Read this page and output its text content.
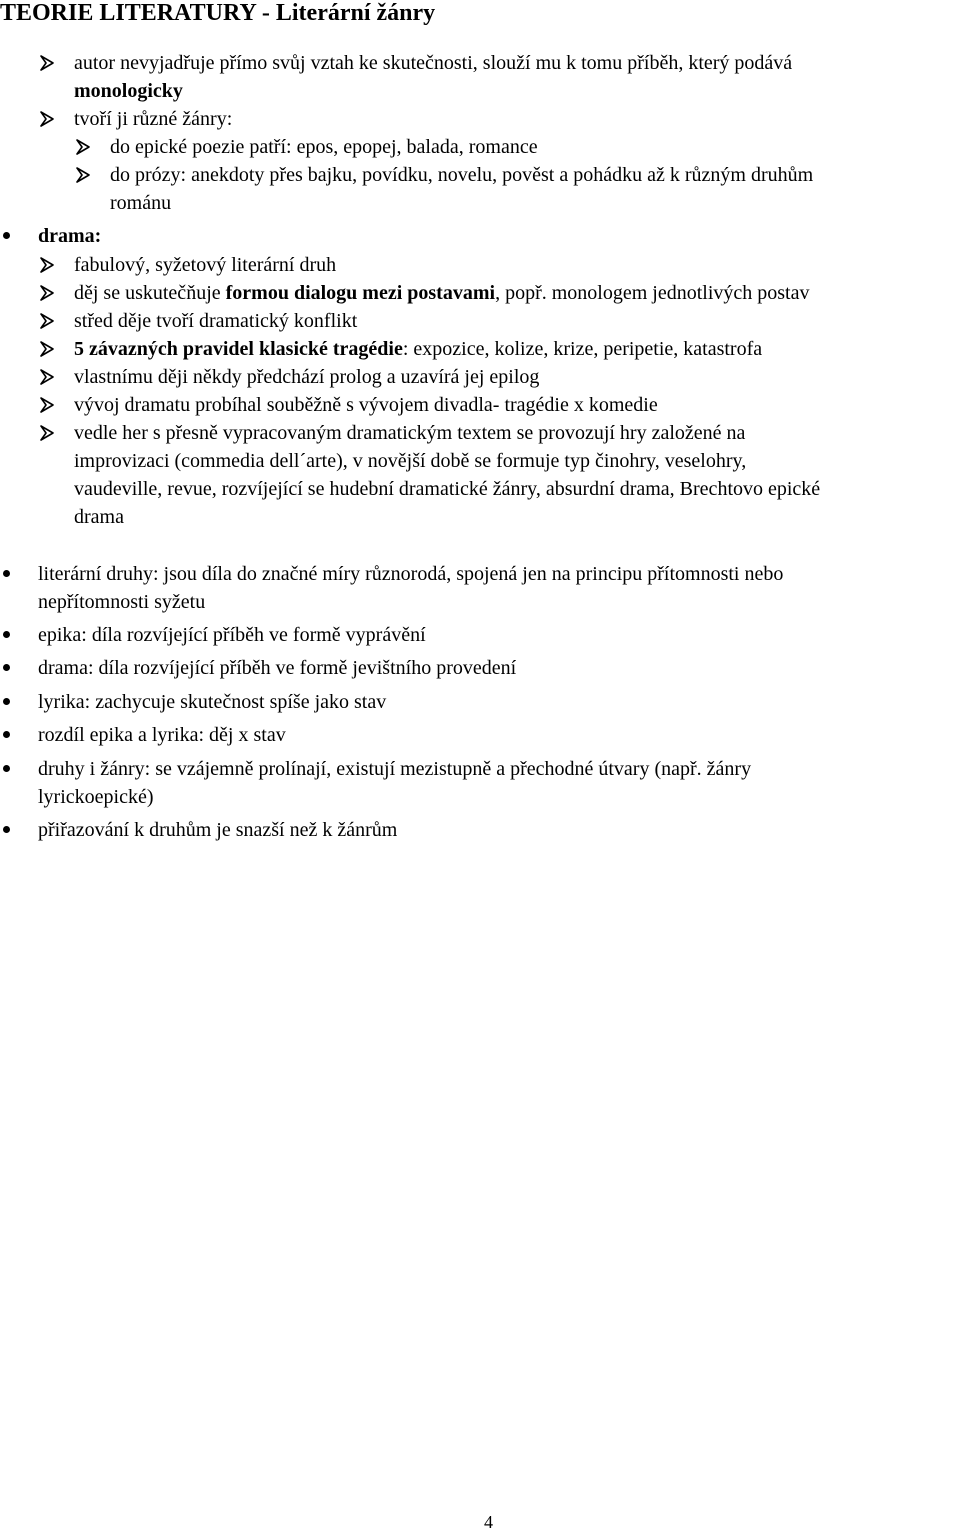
TEORIE LITERATURY - Literární žánry
autor nevyjadřuje přímo svůj vztah ke skutečnosti, slouží mu k tomu příběh, který podává
monologicky
tvoří ji různé žánry:
do epické poezie patří: epos, epopej, balada, romance
do prózy: anekdoty přes bajku, povídku, novelu, pověst a pohádku až k různým druhům
románu
drama:
fabulový, syžetový literární druh
děj se uskutečňuje formou dialogu mezi postavami, popř. monologem jednotlivých postav
střed děje tvoří dramatický konflikt
5 závazných pravidel klasické tragédie: expozice, kolize, krize, peripetie, katastrofa
vlastnímu ději někdy předchází prolog a uzavírá jej epilog
vývoj dramatu probíhal souběžně s vývojem divadla- tragédie x komedie
vedle her s přesně vypracovaným dramatickým textem se provozují hry založené na
improvizaci (commedia dell´arte), v novější době se formuje typ činohry, veselohry,
vaudeville, revue, rozvíjející se hudební dramatické žánry, absurdní drama, Brechtovo epické
drama
literární druhy: jsou díla do značné míry různorodá, spojená jen na principu přítomnosti nebo
nepřítomnosti syžetu
epika: díla rozvíjející příběh ve formě vyprávění
drama: díla rozvíjející příběh ve formě jevištního provedení
lyrika: zachycuje skutečnost spíše jako stav
rozdíl epika a lyrika: děj x stav
druhy i žánry: se vzájemně prolínají, existují mezistupně a přechodné útvary (např. žánry
lyrickoepické)
přiřazování k druhům je snazší než k žánrům
4
